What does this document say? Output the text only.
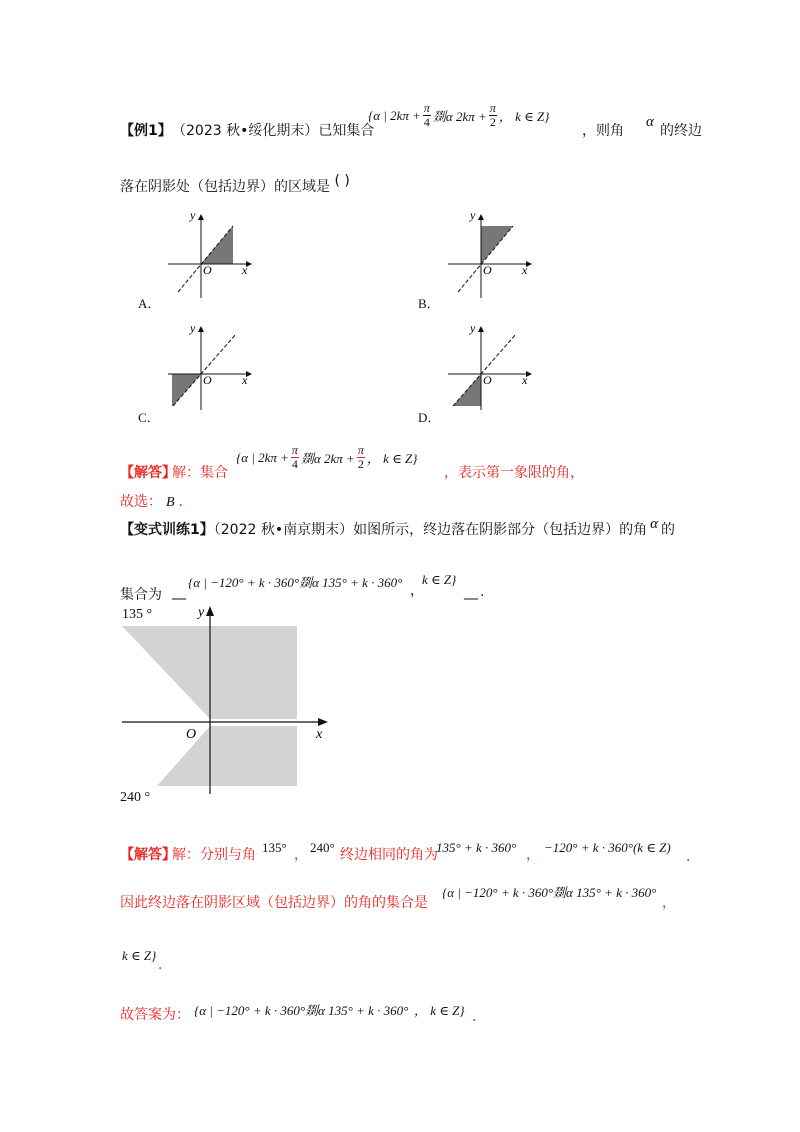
【例1】 （2023 秋•绥化期末）已知集合
{α | $2k\pi + \frac{\pi}{4}$ 剟α $2k\pi + \frac{\pi}{2}$ ， k ∈ Z}
，则角
α
的终边
落在阴影处（包括边界）的区域是 ( )
y
x
O
A．
y
x
O
B．
y
x
O
C．
y
x
O
D．
【解答】
解：集合
{α | $2k\pi + \frac{\pi}{4}$ 剟α $2k\pi + \frac{\pi}{2}$ ， k ∈ Z}
，表示第一象限的角，
故选： B ．
【变式训练1】（2022 秋•南京期末）如图所示，终边落在阴影部分（包括边界）的角 α 的
集合为 __
{α | −120° + k · 360°剟α 135° + k · 360°
，
k ∈ Z}
__ .
y
x
O
135 °
240 °
【解答】
解：分别与角 135° ， 240° 终边相同的角为
135° + k · 360° ， −120° + k · 360°(k ∈ Z)
．
因此终边落在阴影区域（包括边界）的角的集合是
{α | −120° + k · 360°剟α 135° + k · 360°
，
k ∈ Z}
．
故答案为： {α | −120° + k · 360°剟α 135° + k · 360° ， k ∈ Z} ．
